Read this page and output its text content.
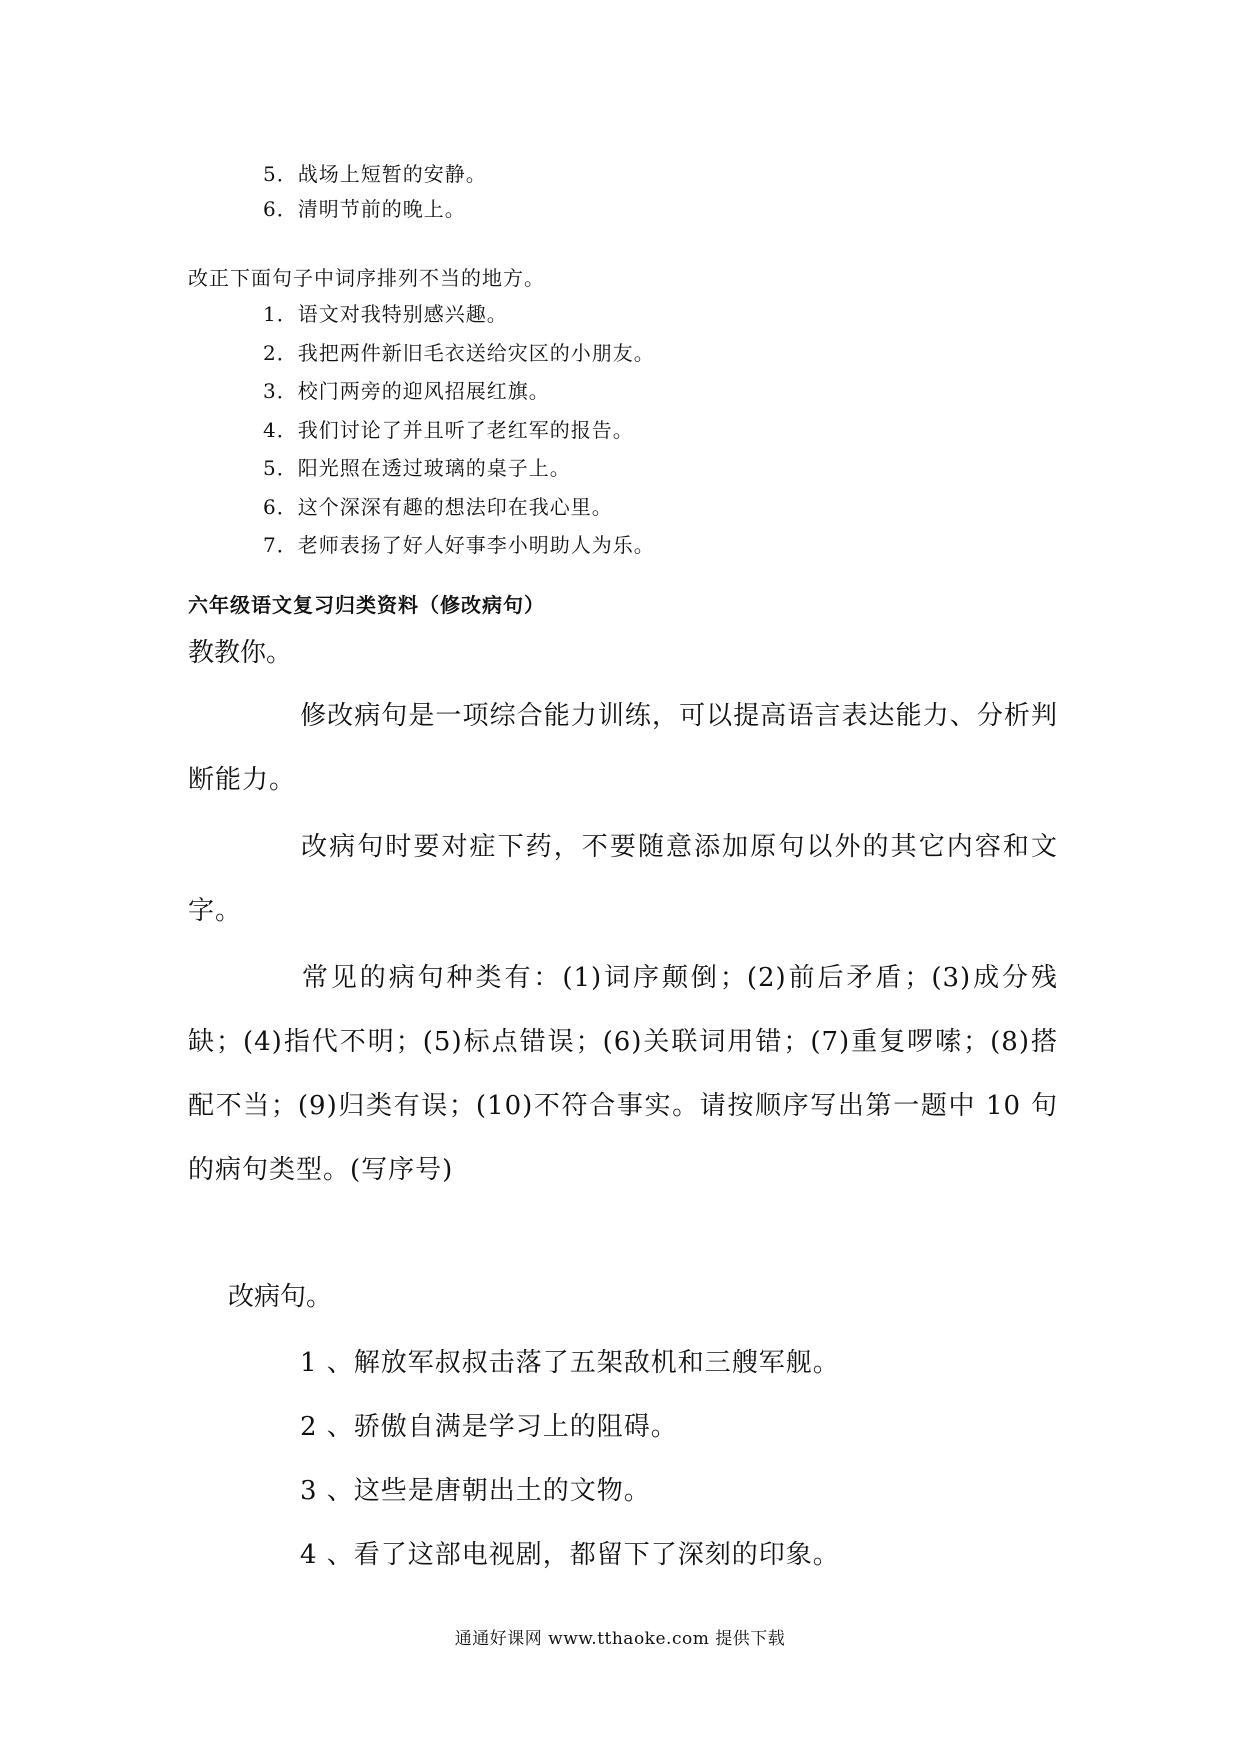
5．战场上短暂的安静。
6．清明节前的晚上。
改正下面句子中词序排列不当的地方。
1．语文对我特别感兴趣。
2．我把两件新旧毛衣送给灾区的小朋友。
3．校门两旁的迎风招展红旗。
4．我们讨论了并且听了老红军的报告。
5．阳光照在透过玻璃的桌子上。
6．这个深深有趣的想法印在我心里。
7．老师表扬了好人好事李小明助人为乐。
六年级语文复习归类资料（修改病句）
教教你。
修改病句是一项综合能力训练，可以提高语言表达能力、分析判断能力。
改病句时要对症下药，不要随意添加原句以外的其它内容和文字。
常见的病句种类有：(1)词序颠倒；(2)前后矛盾；(3)成分残缺；(4)指代不明；(5)标点错误；(6)关联词用错；(7)重复啰嗦；(8)搭配不当；(9)归类有误；(10)不符合事实。请按顺序写出第一题中 10 句的病句类型。(写序号)
改病句。
1 、解放军叔叔击落了五架敌机和三艘军舰。
2 、骄傲自满是学习上的阻碍。
3 、这些是唐朝出土的文物。
4 、看了这部电视剧，都留下了深刻的印象。
通通好课网 www.tthaoke.com 提供下载
